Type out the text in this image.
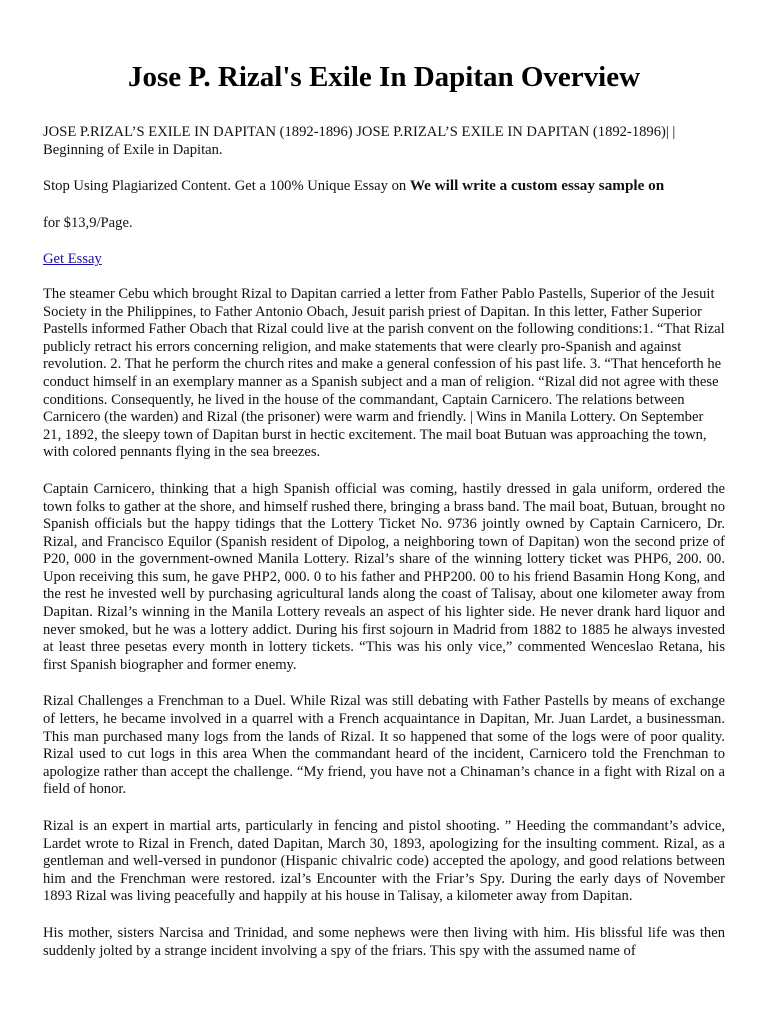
Jose P. Rizal's Exile In Dapitan Overview

JOSE P.RIZAL’S EXILE IN DAPITAN (1892-1896) JOSE P.RIZAL’S EXILE IN DAPITAN (1892-1896)| | Beginning of Exile in Dapitan.

Stop Using Plagiarized Content. Get a 100% Unique Essay on We will write a custom essay sample on

for $13,9/Page.

Get Essay

The steamer Cebu which brought Rizal to Dapitan carried a letter from Father Pablo Pastells, Superior of the Jesuit Society in the Philippines, to Father Antonio Obach, Jesuit parish priest of Dapitan. In this letter, Father Superior Pastells informed Father Obach that Rizal could live at the parish convent on the following conditions:1. “That Rizal publicly retract his errors concerning religion, and make statements that were clearly pro-Spanish and against revolution. 2. That he perform the church rites and make a general confession of his past life. 3. “That henceforth he conduct himself in an exemplary manner as a Spanish subject and a man of religion. “Rizal did not agree with these conditions. Consequently, he lived in the house of the commandant, Captain Carnicero. The relations between Carnicero (the warden) and Rizal (the prisoner) were warm and friendly. | Wins in Manila Lottery. On September 21, 1892, the sleepy town of Dapitan burst in hectic excitement. The mail boat Butuan was approaching the town, with colored pennants flying in the sea breezes.

Captain Carnicero, thinking that a high Spanish official was coming, hastily dressed in gala uniform, ordered the town folks to gather at the shore, and himself rushed there, bringing a brass band. The mail boat, Butuan, brought no Spanish officials but the happy tidings that the Lottery Ticket No. 9736 jointly owned by Captain Carnicero, Dr. Rizal, and Francisco Equilor (Spanish resident of Dipolog, a neighboring town of Dapitan) won the second prize of P20, 000 in the government-owned Manila Lottery. Rizal’s share of the winning lottery ticket was PHP6, 200. 00. Upon receiving this sum, he gave PHP2, 000. 0 to his father and PHP200. 00 to his friend Basamin Hong Kong, and the rest he invested well by purchasing agricultural lands along the coast of Talisay, about one kilometer away from Dapitan. Rizal’s winning in the Manila Lottery reveals an aspect of his lighter side. He never drank hard liquor and never smoked, but he was a lottery addict. During his first sojourn in Madrid from 1882 to 1885 he always invested at least three pesetas every month in lottery tickets. “This was his only vice,” commented Wenceslao Retana, his first Spanish biographer and former enemy.

Rizal Challenges a Frenchman to a Duel. While Rizal was still debating with Father Pastells by means of exchange of letters, he became involved in a quarrel with a French acquaintance in Dapitan, Mr. Juan Lardet, a businessman. This man purchased many logs from the lands of Rizal. It so happened that some of the logs were of poor quality. Rizal used to cut logs in this area When the commandant heard of the incident, Carnicero told the Frenchman to apologize rather than accept the challenge. “My friend, you have not a Chinaman’s chance in a fight with Rizal on a field of honor.

Rizal is an expert in martial arts, particularly in fencing and pistol shooting. ” Heeding the commandant’s advice, Lardet wrote to Rizal in French, dated Dapitan, March 30, 1893, apologizing for the insulting comment. Rizal, as a gentleman and well-versed in pundonor (Hispanic chivalric code) accepted the apology, and good relations between him and the Frenchman were restored. izal’s Encounter with the Friar’s Spy. During the early days of November 1893 Rizal was living peacefully and happily at his house in Talisay, a kilometer away from Dapitan.

His mother, sisters Narcisa and Trinidad, and some nephews were then living with him. His blissful life was then suddenly jolted by a strange incident involving a spy of the friars. This spy with the assumed name of
